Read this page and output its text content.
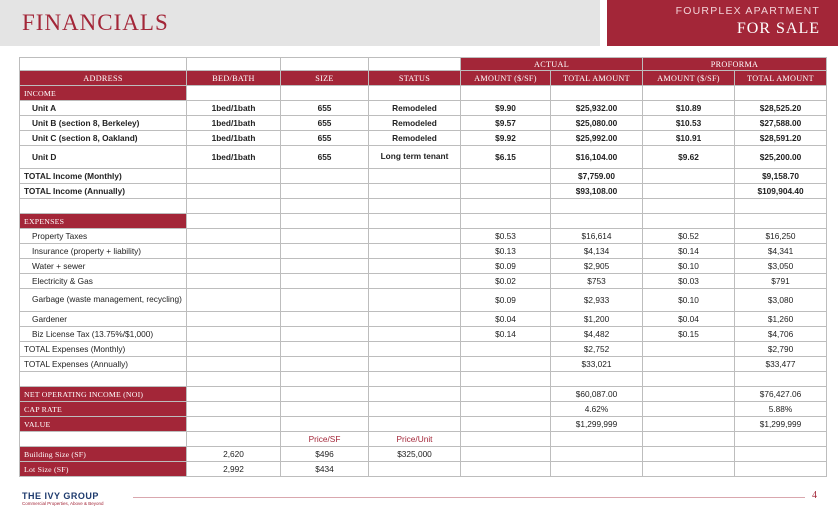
FINANCIALS	FOURPLEX APARTMENT
FOR SALE
				ACTUAL		PROFORMA	
ADDRESS	BED/BATH	SIZE	STATUS	AMOUNT ($/SF)	TOTAL AMOUNT	AMOUNT ($/SF)	TOTAL AMOUNT
INCOME							
Unit A	1bed/1bath	655	Remodeled	$9.90	$25,932.00	$10.89	$28,525.20
Unit B (section 8, Berkeley)	1bed/1bath	655	Remodeled	$9.57	$25,080.00	$10.53	$27,588.00
Unit C (section 8, Oakland)	1bed/1bath	655	Remodeled	$9.92	$25,992.00	$10.91	$28,591.20
Unit D	1bed/1bath	655	Long term tenant	$6.15	$16,104.00	$9.62	$25,200.00
TOTAL Income (Monthly)					$7,759.00		$9,158.70
TOTAL Income (Annually)					$93,108.00		$109,904.40

EXPENSES							
Property Taxes				$0.53	$16,614	$0.52	$16,250
Insurance (property + liability)				$0.13	$4,134	$0.14	$4,341
Water + sewer				$0.09	$2,905	$0.10	$3,050
Electricity & Gas				$0.02	$753	$0.03	$791
Garbage (waste management, recycling)				$0.09	$2,933	$0.10	$3,080
Gardener				$0.04	$1,200	$0.04	$1,260
Biz License Tax (13.75%/$1,000)				$0.14	$4,482	$0.15	$4,706
TOTAL Expenses (Monthly)					$2,752		$2,790
TOTAL Expenses (Annually)					$33,021		$33,477

NET OPERATING INCOME (NOI)					$60,087.00		$76,427.06
CAP RATE					4.62%		5.88%
VALUE					$1,299,999		$1,299,999
		Price/SF	Price/Unit				
Building Size (SF)	2,620	$496	$325,000				
Lot Size (SF)	2,992	$434					
THE IVY GROUP
Commercial Properties, Above & Beyond
4
